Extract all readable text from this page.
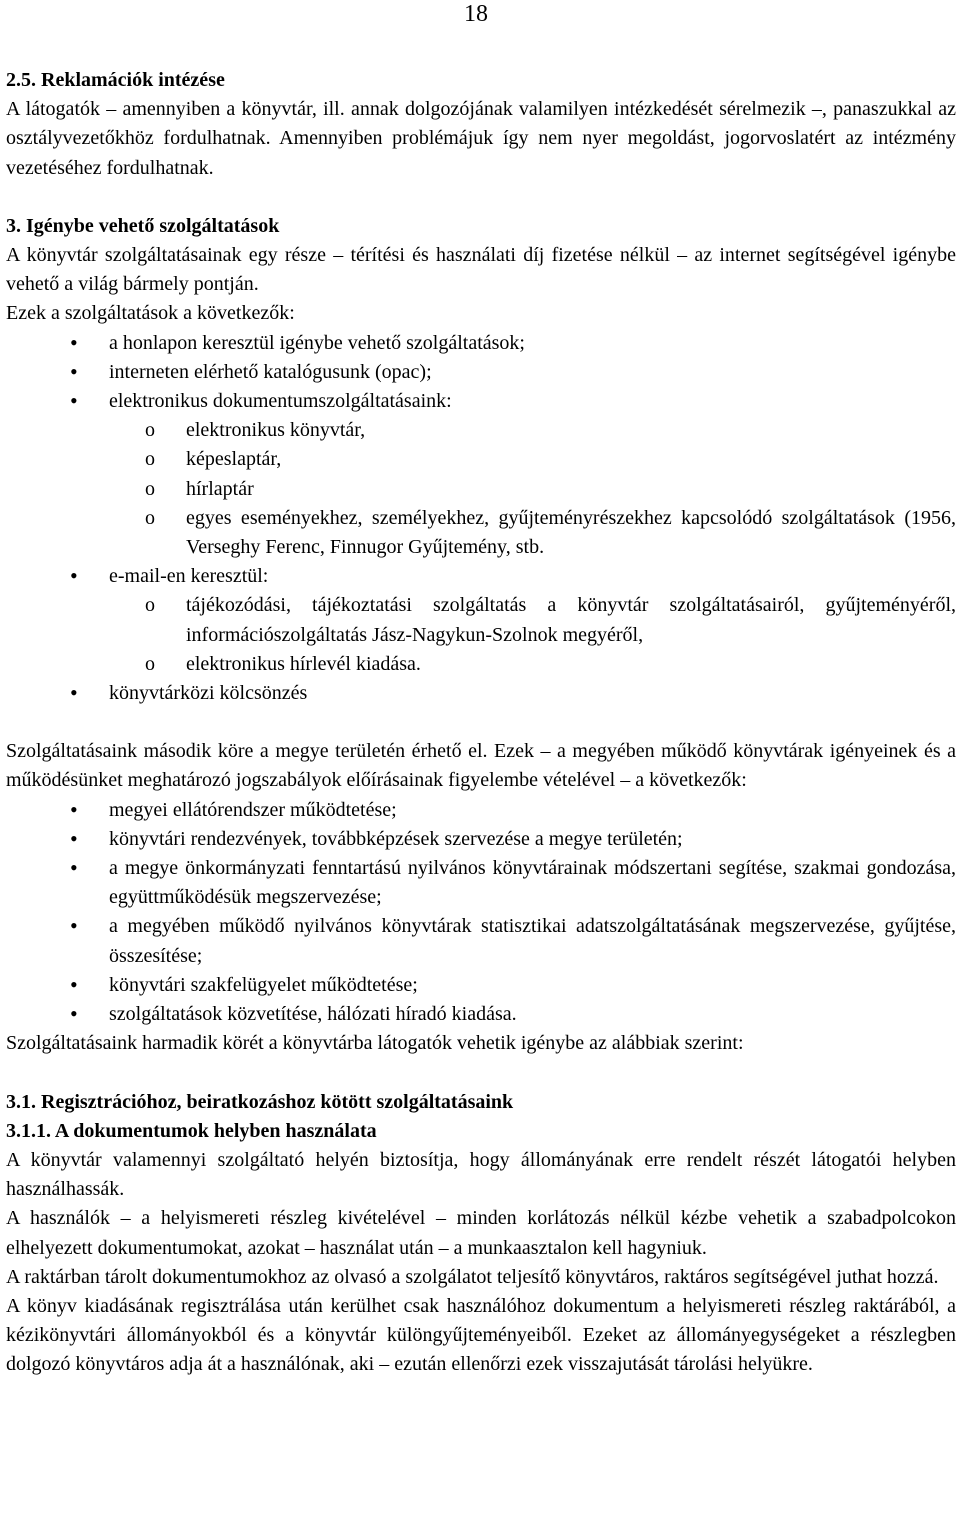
18

2.5. Reklamációk intézése

A látogatók – amennyiben a könyvtár, ill. annak dolgozójának valamilyen intézkedését sérelmezik –, panaszukkal az osztályvezetőkhöz fordulhatnak. Amennyiben problémájuk így nem nyer megoldást, jogorvoslatért az intézmény vezetéséhez fordulhatnak.

3. Igénybe vehető szolgáltatások

A könyvtár szolgáltatásainak egy része – térítési és használati díj fizetése nélkül – az internet segítségével igénybe vehető a világ bármely pontján.

Ezek a szolgáltatások a következők:

• a honlapon keresztül igénybe vehető szolgáltatások;
• interneten elérhető katalógusunk (opac);
• elektronikus dokumentumszolgáltatásaink:
o elektronikus könyvtár,
o képeslaptár,
o hírlaptár
o egyes eseményekhez, személyekhez, gyűjteményrészekhez kapcsolódó szolgáltatások (1956, Verseghy Ferenc, Finnugor Gyűjtemény, stb.
• e-mail-en keresztül:
o tájékozódási, tájékoztatási szolgáltatás a könyvtár szolgáltatásairól, gyűjteményéről, információszolgáltatás Jász-Nagykun-Szolnok megyéről,
o elektronikus hírlevél kiadása.
• könyvtárközi kölcsönzés

Szolgáltatásaink második köre a megye területén érhető el. Ezek – a megyében működő könyvtárak igényeinek és a működésünket meghatározó jogszabályok előírásainak figyelembe vételével – a következők:

• megyei ellátórendszer működtetése;
• könyvtári rendezvények, továbbképzések szervezése a megye területén;
• a megye önkormányzati fenntartású nyilvános könyvtárainak módszertani segítése, szakmai gondozása, együttműködésük megszervezése;
• a megyében működő nyilvános könyvtárak statisztikai adatszolgáltatásának megszervezése, gyűjtése, összesítése;
• könyvtári szakfelügyelet működtetése;
• szolgáltatások közvetítése, hálózati híradó kiadása.

Szolgáltatásaink harmadik körét a könyvtárba látogatók vehetik igénybe az alábbiak szerint:

3.1. Regisztrációhoz, beiratkozáshoz kötött szolgáltatásaink

3.1.1. A dokumentumok helyben használata

A könyvtár valamennyi szolgáltató helyén biztosítja, hogy állományának erre rendelt részét látogatói helyben használhassák.

A használók – a helyismereti részleg kivételével – minden korlátozás nélkül kézbe vehetik a szabadpolcokon elhelyezett dokumentumokat, azokat – használat után – a munkaasztalon kell hagyniuk.

A raktárban tárolt dokumentumokhoz az olvasó a szolgálatot teljesítő könyvtáros, raktáros segítségével juthat hozzá.

A könyv kiadásának regisztrálása után kerülhet csak használóhoz dokumentum a helyismereti részleg raktárából, a kézikönyvtári állományokból és a könyvtár különgyűjteményeiből. Ezeket az állományegységeket a részlegben dolgozó könyvtáros adja át a használónak, aki – ezután ellenőrzi ezek visszajutását tárolási helyükre.
